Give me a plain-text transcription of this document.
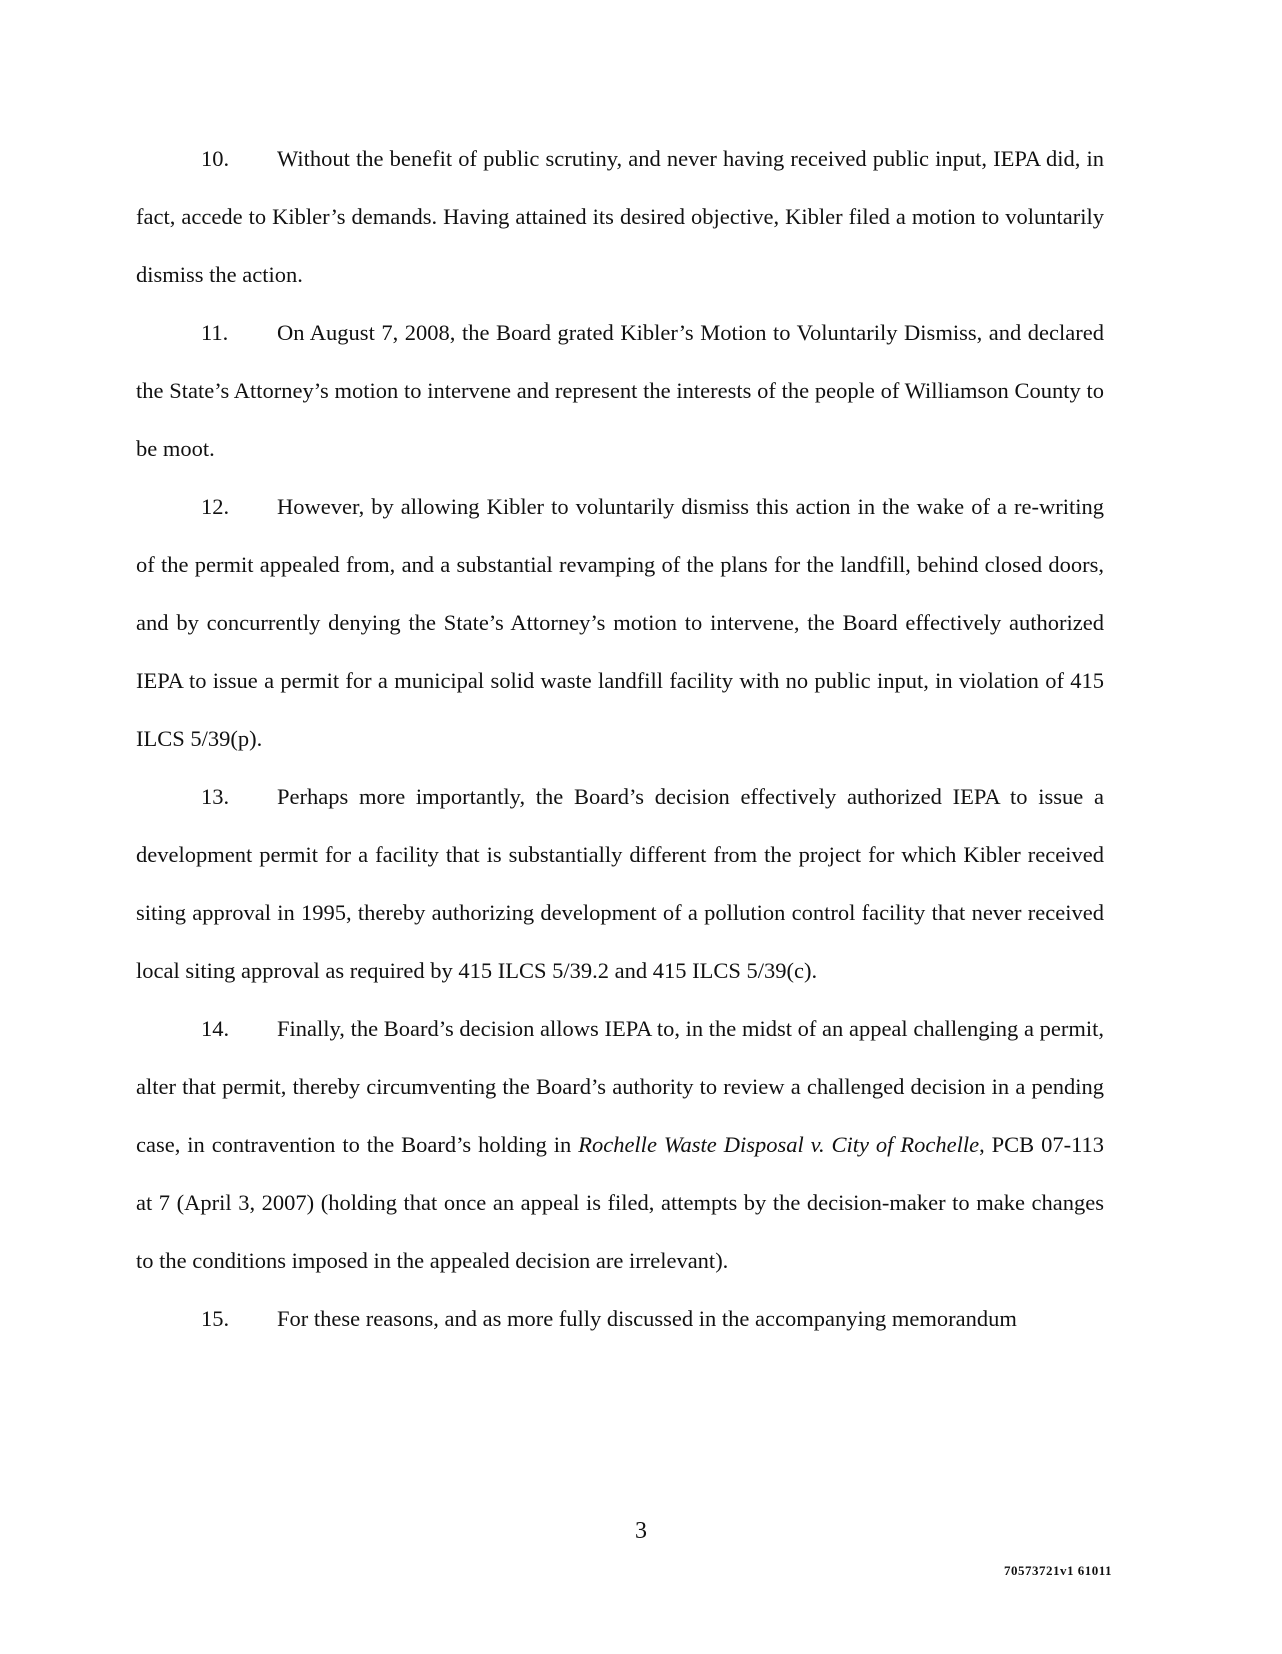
10. Without the benefit of public scrutiny, and never having received public input, IEPA did, in fact, accede to Kibler’s demands. Having attained its desired objective, Kibler filed a motion to voluntarily dismiss the action.

11. On August 7, 2008, the Board grated Kibler’s Motion to Voluntarily Dismiss, and declared the State’s Attorney’s motion to intervene and represent the interests of the people of Williamson County to be moot.

12. However, by allowing Kibler to voluntarily dismiss this action in the wake of a re-writing of the permit appealed from, and a substantial revamping of the plans for the landfill, behind closed doors, and by concurrently denying the State’s Attorney’s motion to intervene, the Board effectively authorized IEPA to issue a permit for a municipal solid waste landfill facility with no public input, in violation of 415 ILCS 5/39(p).

13. Perhaps more importantly, the Board’s decision effectively authorized IEPA to issue a development permit for a facility that is substantially different from the project for which Kibler received siting approval in 1995, thereby authorizing development of a pollution control facility that never received local siting approval as required by 415 ILCS 5/39.2 and 415 ILCS 5/39(c).

14. Finally, the Board’s decision allows IEPA to, in the midst of an appeal challenging a permit, alter that permit, thereby circumventing the Board’s authority to review a challenged decision in a pending case, in contravention to the Board’s holding in Rochelle Waste Disposal v. City of Rochelle, PCB 07-113 at 7 (April 3, 2007) (holding that once an appeal is filed, attempts by the decision-maker to make changes to the conditions imposed in the appealed decision are irrelevant).

15. For these reasons, and as more fully discussed in the accompanying memorandum

3
70573721v1 61011
